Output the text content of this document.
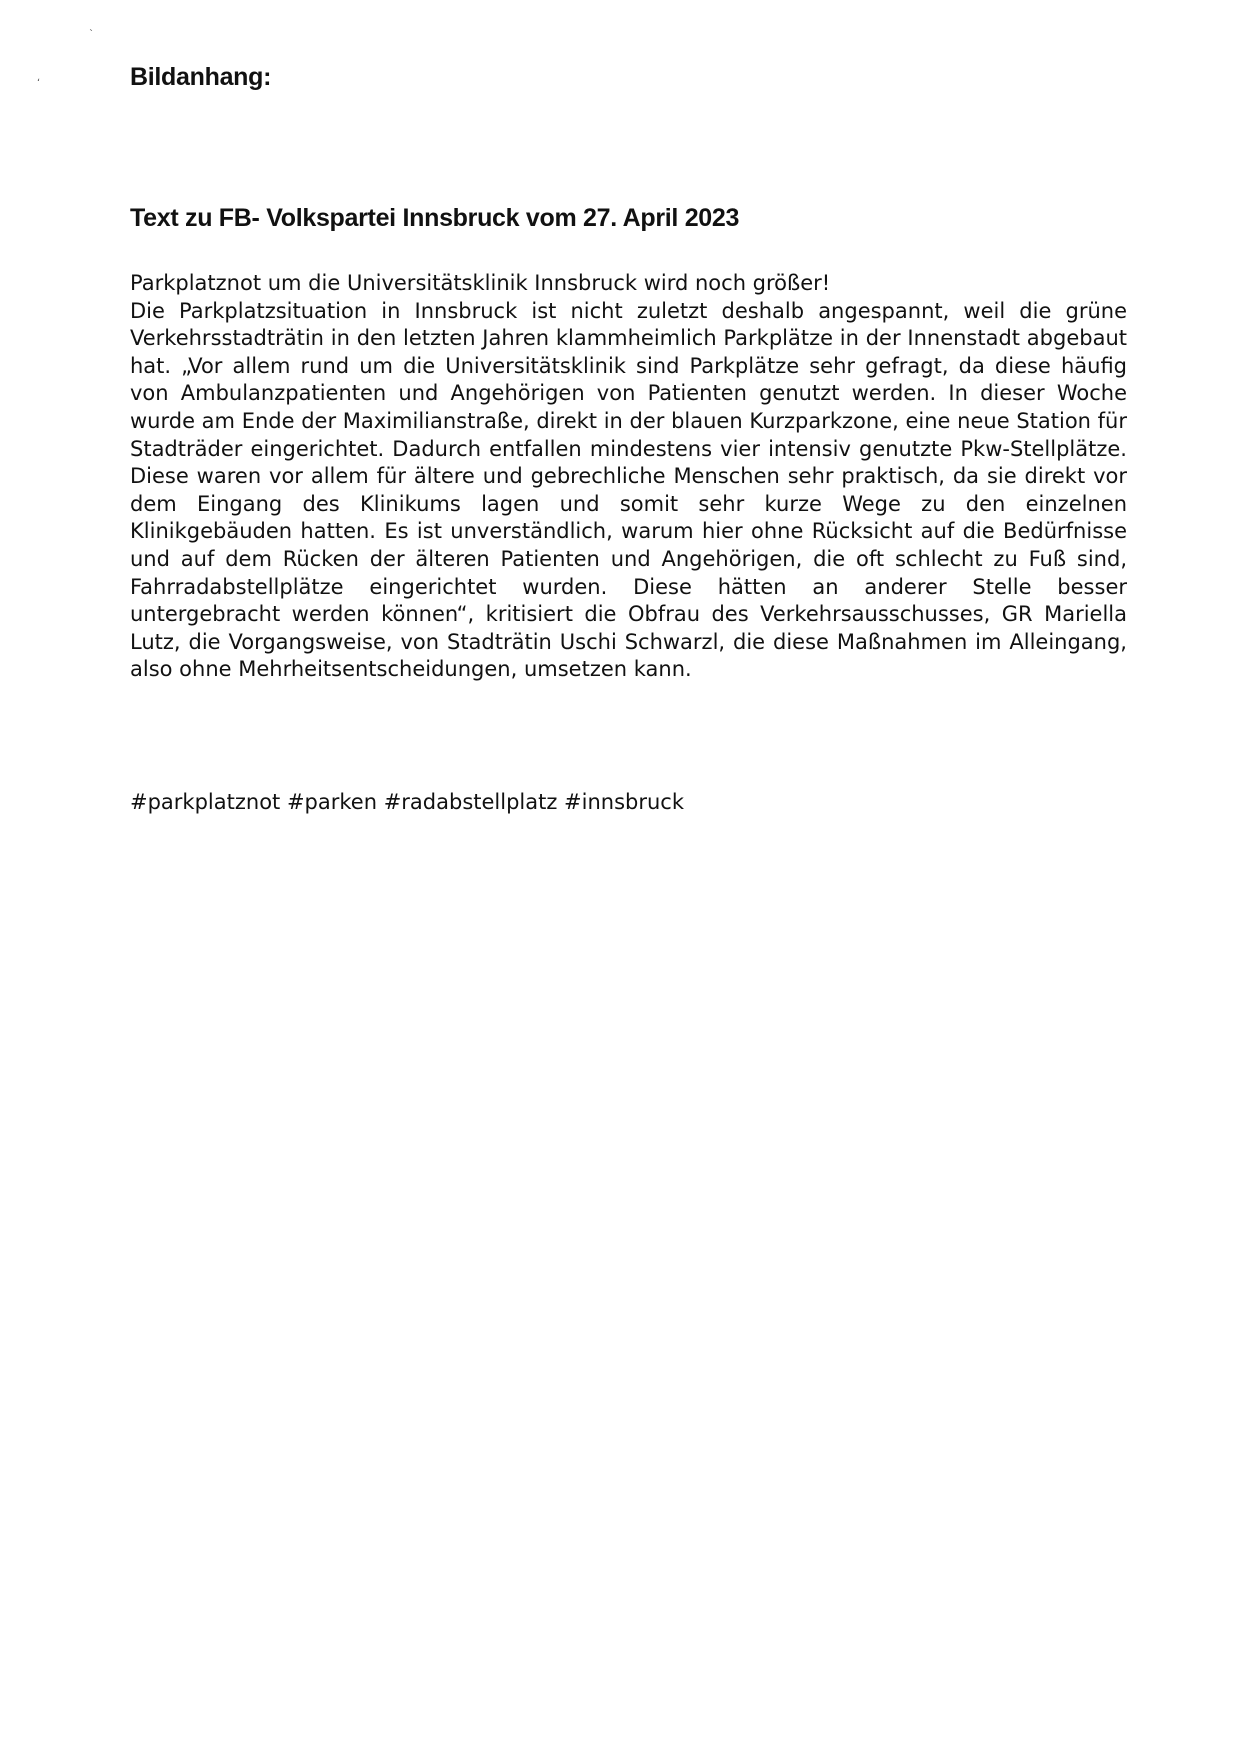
ˋ
ʻ	Bildanhang:
Text zu FB- Volkspartei Innsbruck vom 27. April 2023

Parkplatznot um die Universitätsklinik Innsbruck wird noch größer!

Die Parkplatzsituation in Innsbruck ist nicht zuletzt deshalb angespannt, weil die grüne Verkehrsstadträtin in den letzten Jahren klammheimlich Parkplätze in der Innenstadt abgebaut hat. „Vor allem rund um die Universitätsklinik sind Parkplätze sehr gefragt, da diese häufig von Ambulanzpatienten und Angehörigen von Patienten genutzt werden. In dieser Woche wurde am Ende der Maximilianstraße, direkt in der blauen Kurzparkzone, eine neue Station für Stadträder eingerichtet. Dadurch entfallen mindestens vier intensiv genutzte Pkw-Stellplätze. Diese waren vor allem für ältere und gebrechliche Menschen sehr praktisch, da sie direkt vor dem Eingang des Klinikums lagen und somit sehr kurze Wege zu den einzelnen Klinikgebäuden hatten. Es ist unverständlich, warum hier ohne Rücksicht auf die Bedürfnisse und auf dem Rücken der älteren Patienten und Angehörigen, die oft schlecht zu Fuß sind, Fahrradabstellplätze eingerichtet wurden. Diese hätten an anderer Stelle besser untergebracht werden können“, kritisiert die Obfrau des Verkehrsausschusses, GR Mariella Lutz, die Vorgangsweise, von Stadträtin Uschi Schwarzl, die diese Maßnahmen im Alleingang, also ohne Mehrheitsentscheidungen, umsetzen kann.

#parkplatznot #parken #radabstellplatz #innsbruck
